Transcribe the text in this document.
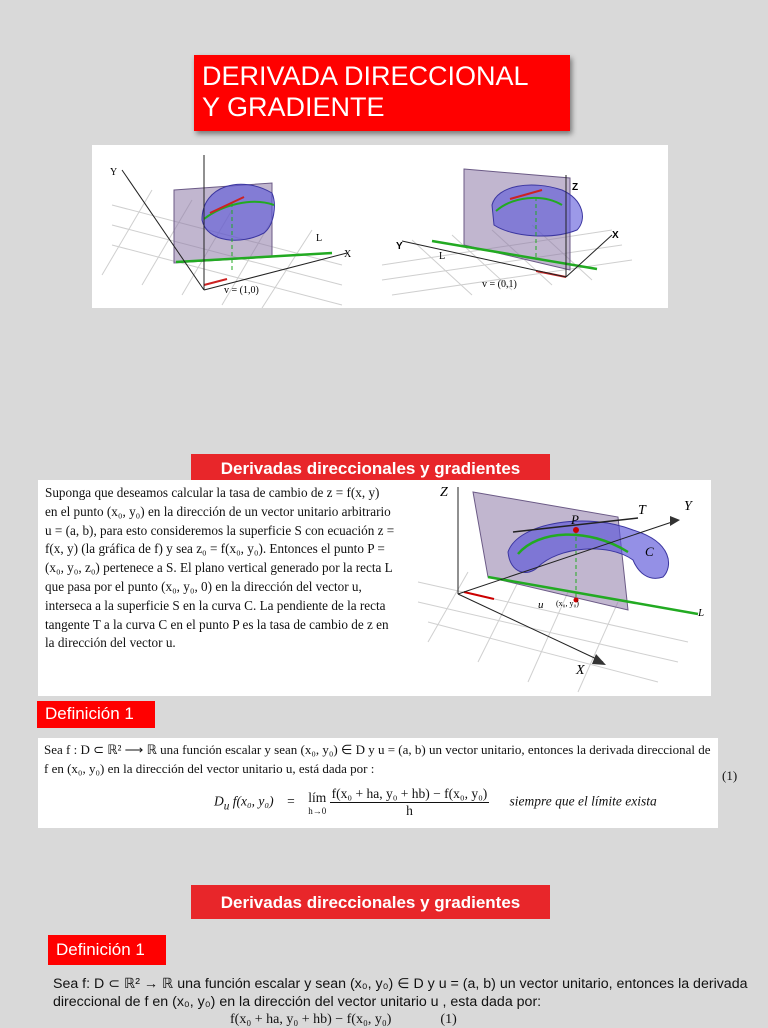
DERIVADA DIRECCIONAL
Y GRADIENTE
Y
X
L
v = (1,0)
Z
X
Y
L
v = (0,1)
Derivadas direccionales y gradientes
Suponga que deseamos calcular la tasa de cambio de z = f(x, y) en el punto (x₀, y₀) en la dirección de un vector unitario arbitrario u = (a, b), para esto consideremos la superficie S con ecuación z = f(x, y) (la gráfica de f) y sea z₀ = f(x₀, y₀). Entonces el punto P = (x₀, y₀, z₀) pertenece a S. El plano vertical generado por la recta L que pasa por el punto (x₀, y₀, 0) en la dirección del vector u, interseca a la superficie S en la curva C. La pendiente de la recta tangente T a la curva C en el punto P es la tasa de cambio de z en la dirección del vector u.
Z
Y
X
T
P
C
L
u (x₀, y₀)
Definición 1
Sea f : D ⊂ ℝ² ⟶ ℝ una función escalar y sean (x₀, y₀) ∈ D y u = (a, b) un vector unitario, entonces la derivada direccional de f en (x₀, y₀) en la dirección del vector unitario u, está dada por :
$D_u$ f(x₀, y₀) = lím
h→0
$\frac{\text{f(x₀ + ha, y₀ + hb) − f(x₀, y₀)}}{h}$ siempre que el límite exista
(1)
Derivadas direccionales y gradientes
Definición 1
Sea f: D ⊂ ℝ² → ℝ una función escalar y sean (x₀, y₀) ∈ D y u = (a, b) un vector unitario, entonces la derivada direccional de f en (x₀, y₀) en la dirección del vector unitario u , esta dada por:
f(x₀ + ha, y₀ + hb) − f(x₀, y₀)	(1)
